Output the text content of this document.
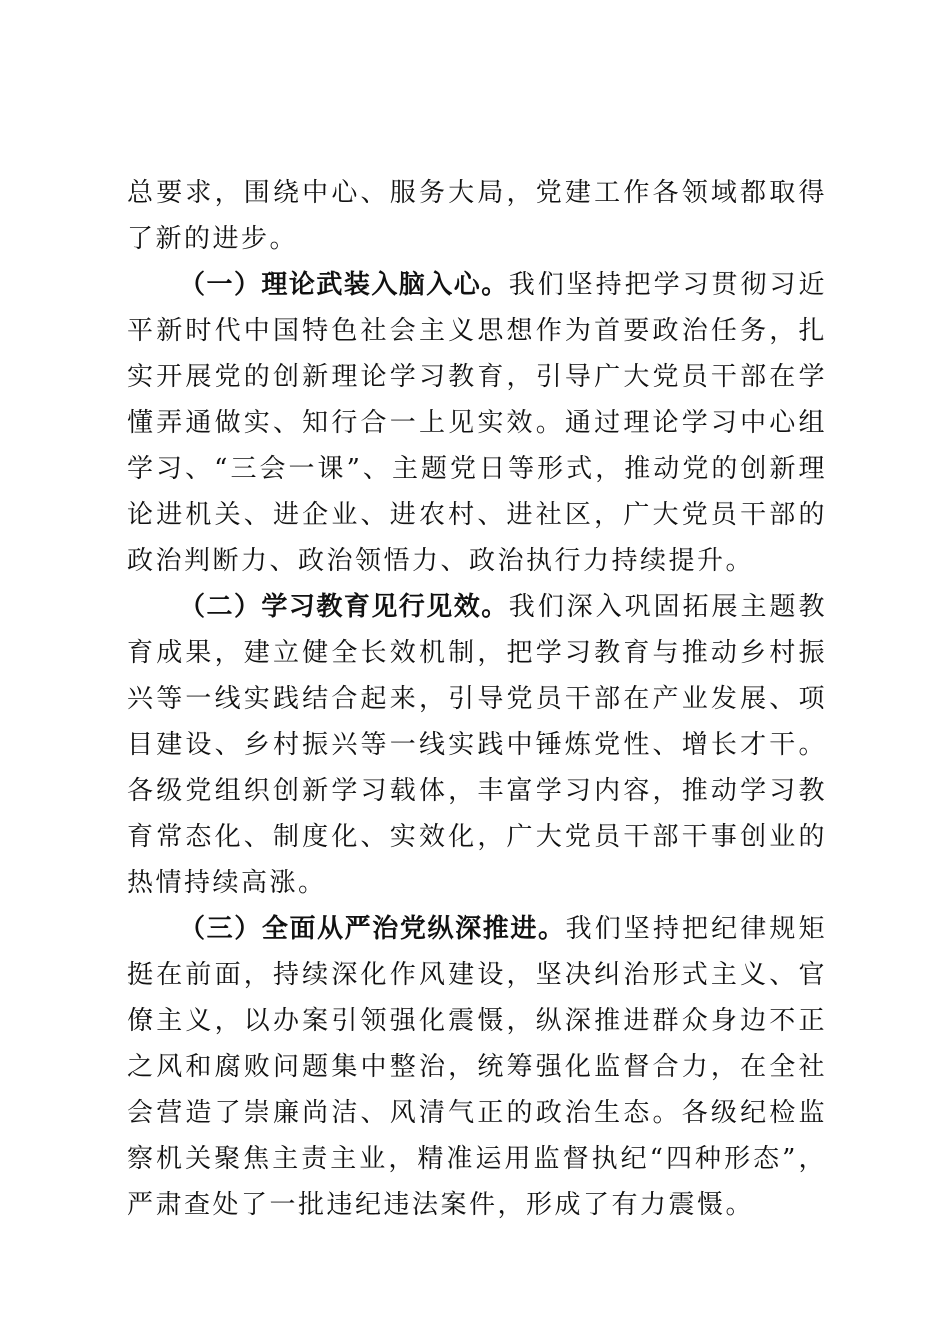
总要求，围绕中心、服务大局，党建工作各领域都取得了新的进步。

（一）理论武装入脑入心。我们坚持把学习贯彻习近平新时代中国特色社会主义思想作为首要政治任务，扎实开展党的创新理论学习教育，引导广大党员干部在学懂弄通做实、知行合一上见实效。通过理论学习中心组学习、“三会一课”、主题党日等形式，推动党的创新理论进机关、进企业、进农村、进社区，广大党员干部的政治判断力、政治领悟力、政治执行力持续提升。

（二）学习教育见行见效。我们深入巩固拓展主题教育成果，建立健全长效机制，把学习教育与推动乡村振兴等一线实践结合起来，引导党员干部在产业发展、项目建设、乡村振兴等一线实践中锤炼党性、增长才干。各级党组织创新学习载体，丰富学习内容，推动学习教育常态化、制度化、实效化，广大党员干部干事创业的热情持续高涨。

（三）全面从严治党纵深推进。我们坚持把纪律规矩挺在前面，持续深化作风建设，坚决纠治形式主义、官僚主义，以办案引领强化震慑，纵深推进群众身边不正之风和腐败问题集中整治，统筹强化监督合力，在全社会营造了崇廉尚洁、风清气正的政治生态。各级纪检监察机关聚焦主责主业，精准运用监督执纪“四种形态”，严肃查处了一批违纪违法案件，形成了有力震慑。
